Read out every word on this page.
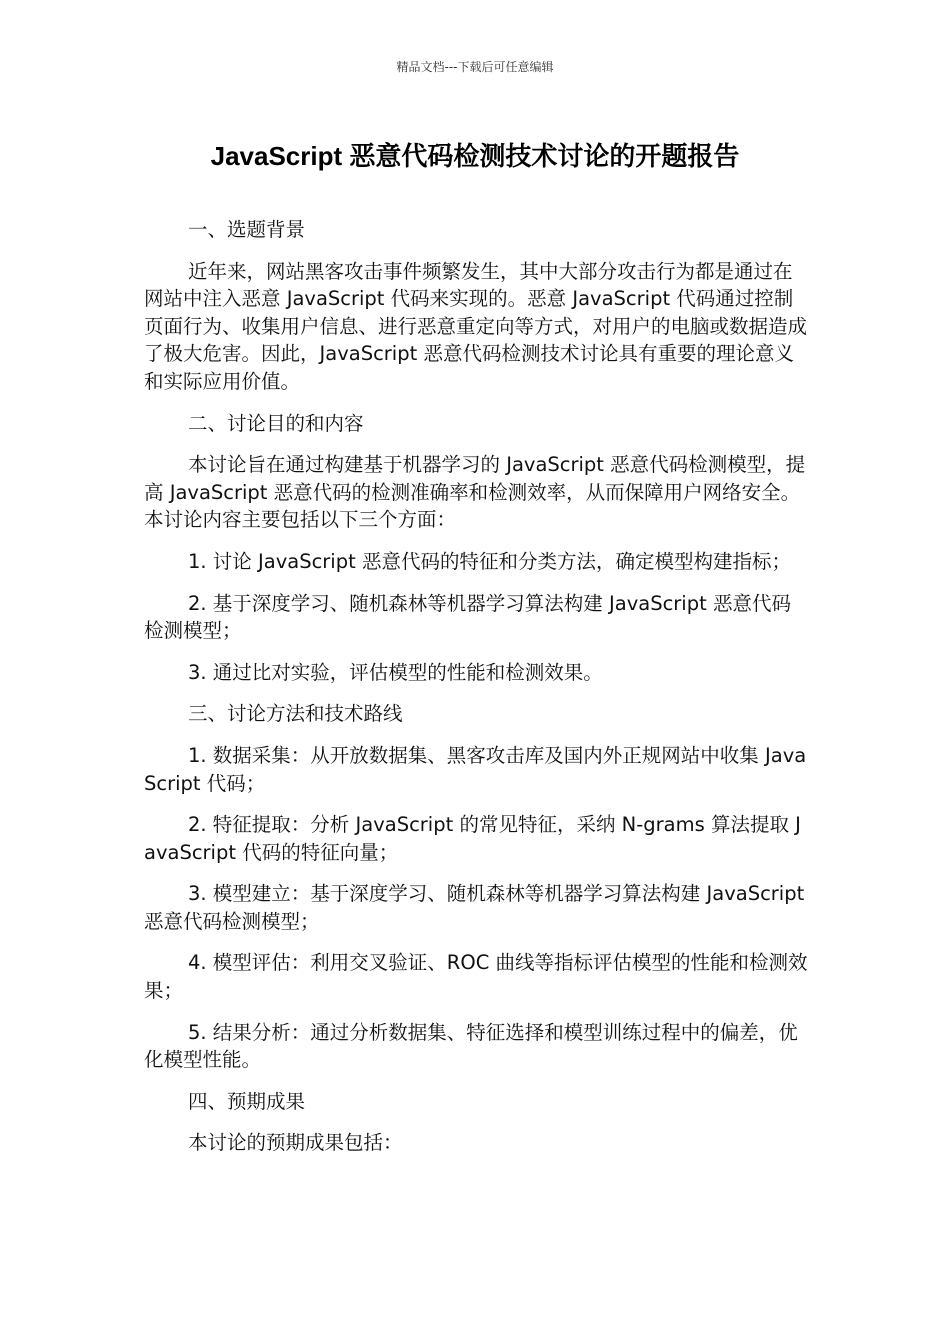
精品文档---下载后可任意编辑
JavaScript 恶意代码检测技术讨论的开题报告

一、选题背景

近年来，网站黑客攻击事件频繁发生，其中大部分攻击行为都是通过在网站中注入恶意 JavaScript 代码来实现的。恶意 JavaScript 代码通过控制页面行为、收集用户信息、进行恶意重定向等方式，对用户的电脑或数据造成了极大危害。因此，JavaScript 恶意代码检测技术讨论具有重要的理论意义和实际应用价值。

二、讨论目的和内容

本讨论旨在通过构建基于机器学习的 JavaScript 恶意代码检测模型，提高 JavaScript 恶意代码的检测准确率和检测效率，从而保障用户网络安全。本讨论内容主要包括以下三个方面：

1. 讨论 JavaScript 恶意代码的特征和分类方法，确定模型构建指标；

2. 基于深度学习、随机森林等机器学习算法构建 JavaScript 恶意代码检测模型；

3. 通过比对实验，评估模型的性能和检测效果。

三、讨论方法和技术路线

1. 数据采集：从开放数据集、黑客攻击库及国内外正规网站中收集 JavaScript 代码；

2. 特征提取：分析 JavaScript 的常见特征，采纳 N-grams 算法提取 JavaScript 代码的特征向量；

3. 模型建立：基于深度学习、随机森林等机器学习算法构建 JavaScript 恶意代码检测模型；

4. 模型评估：利用交叉验证、ROC 曲线等指标评估模型的性能和检测效果；

5. 结果分析：通过分析数据集、特征选择和模型训练过程中的偏差，优化模型性能。

四、预期成果

本讨论的预期成果包括：
